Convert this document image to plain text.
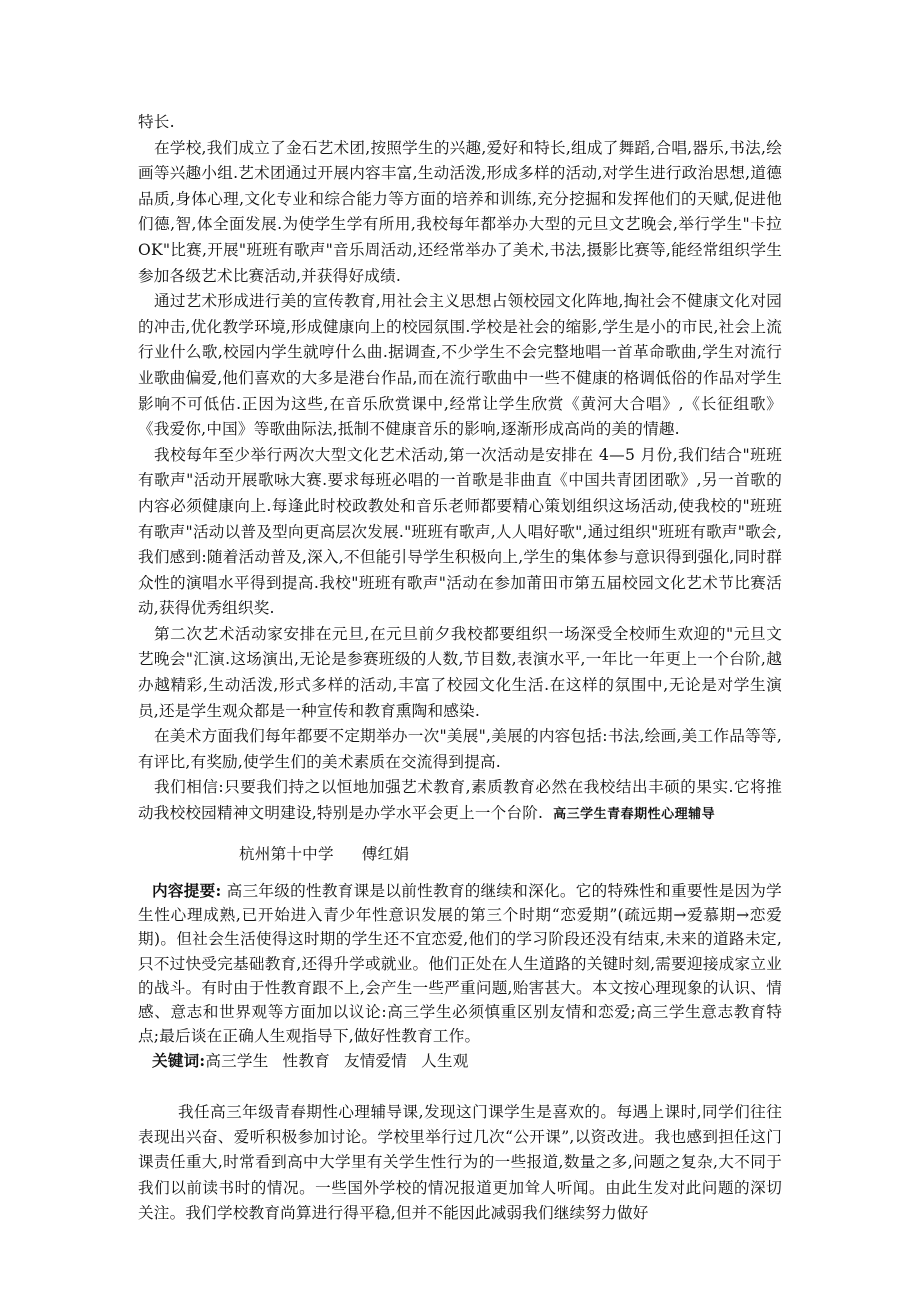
特长.

在学校,我们成立了金石艺术团,按照学生的兴趣,爱好和特长,组成了舞蹈,合唱,器乐,书法,绘画等兴趣小组.艺术团通过开展内容丰富,生动活泼,形成多样的活动,对学生进行政治思想,道德品质,身体心理,文化专业和综合能力等方面的培养和训练,充分挖掘和发挥他们的天赋,促进他们德,智,体全面发展.为使学生学有所用,我校每年都举办大型的元旦文艺晚会,举行学生"卡拉 OK"比赛,开展"班班有歌声"音乐周活动,还经常举办了美术,书法,摄影比赛等,能经常组织学生参加各级艺术比赛活动,并获得好成绩.

通过艺术形成进行美的宣传教育,用社会主义思想占领校园文化阵地,掏社会不健康文化对园的冲击,优化教学环境,形成健康向上的校园氛围.学校是社会的缩影,学生是小的市民,社会上流行业什么歌,校园内学生就哼什么曲.据调查,不少学生不会完整地唱一首革命歌曲,学生对流行业歌曲偏爱,他们喜欢的大多是港台作品,而在流行歌曲中一些不健康的格调低俗的作品对学生影响不可低估.正因为这些,在音乐欣赏课中,经常让学生欣赏《黄河大合唱》,《长征组歌》《我爱你,中国》等歌曲际法,抵制不健康音乐的影响,逐渐形成高尚的美的情趣.

我校每年至少举行两次大型文化艺术活动,第一次活动是安排在 4—5 月份,我们结合"班班有歌声"活动开展歌咏大赛.要求每班必唱的一首歌是非曲直《中国共青团团歌》,另一首歌的内容必须健康向上.每逢此时校政教处和音乐老师都要精心策划组织这场活动,使我校的"班班有歌声"活动以普及型向更高层次发展."班班有歌声,人人唱好歌",通过组织"班班有歌声"歌会,我们感到:随着活动普及,深入,不但能引导学生积极向上,学生的集体参与意识得到强化,同时群众性的演唱水平得到提高.我校"班班有歌声"活动在参加莆田市第五届校园文化艺术节比赛活动,获得优秀组织奖.

第二次艺术活动家安排在元旦,在元旦前夕我校都要组织一场深受全校师生欢迎的"元旦文艺晚会"汇演.这场演出,无论是参赛班级的人数,节目数,表演水平,一年比一年更上一个台阶,越办越精彩,生动活泼,形式多样的活动,丰富了校园文化生活.在这样的氛围中,无论是对学生演员,还是学生观众都是一种宣传和教育熏陶和感染.

在美术方面我们每年都要不定期举办一次"美展",美展的内容包括:书法,绘画,美工作品等等,有评比,有奖励,使学生们的美术素质在交流得到提高.

我们相信:只要我们持之以恒地加强艺术教育,素质教育必然在我校结出丰硕的果实.它将推动我校校园精神文明建设,特别是办学水平会更上一个台阶. 高三学生青春期性心理辅导

杭州第十中学 傅红娟

内容提要: 高三年级的性教育课是以前性教育的继续和深化。它的特殊性和重要性是因为学生性心理成熟,已开始进入青少年性意识发展的第三个时期“恋爱期”(疏远期→爱慕期→恋爱期)。但社会生活使得这时期的学生还不宜恋爱,他们的学习阶段还没有结束,未来的道路未定,只不过快受完基础教育,还得升学或就业。他们正处在人生道路的关键时刻,需要迎接成家立业的战斗。有时由于性教育跟不上,会产生一些严重问题,贻害甚大。本文按心理现象的认识、情感、意志和世界观等方面加以议论:高三学生必须慎重区别友情和恋爱;高三学生意志教育特点;最后谈在正确人生观指导下,做好性教育工作。

关键词:高三学生 性教育 友情爱情 人生观

我任高三年级青春期性心理辅导课,发现这门课学生是喜欢的。每遇上课时,同学们往往表现出兴奋、爱听积极参加讨论。学校里举行过几次“公开课”,以资改进。我也感到担任这门课责任重大,时常看到高中大学里有关学生性行为的一些报道,数量之多,问题之复杂,大不同于我们以前读书时的情况。一些国外学校的情况报道更加耸人听闻。由此生发对此问题的深切关注。我们学校教育尚算进行得平稳,但并不能因此减弱我们继续努力做好
